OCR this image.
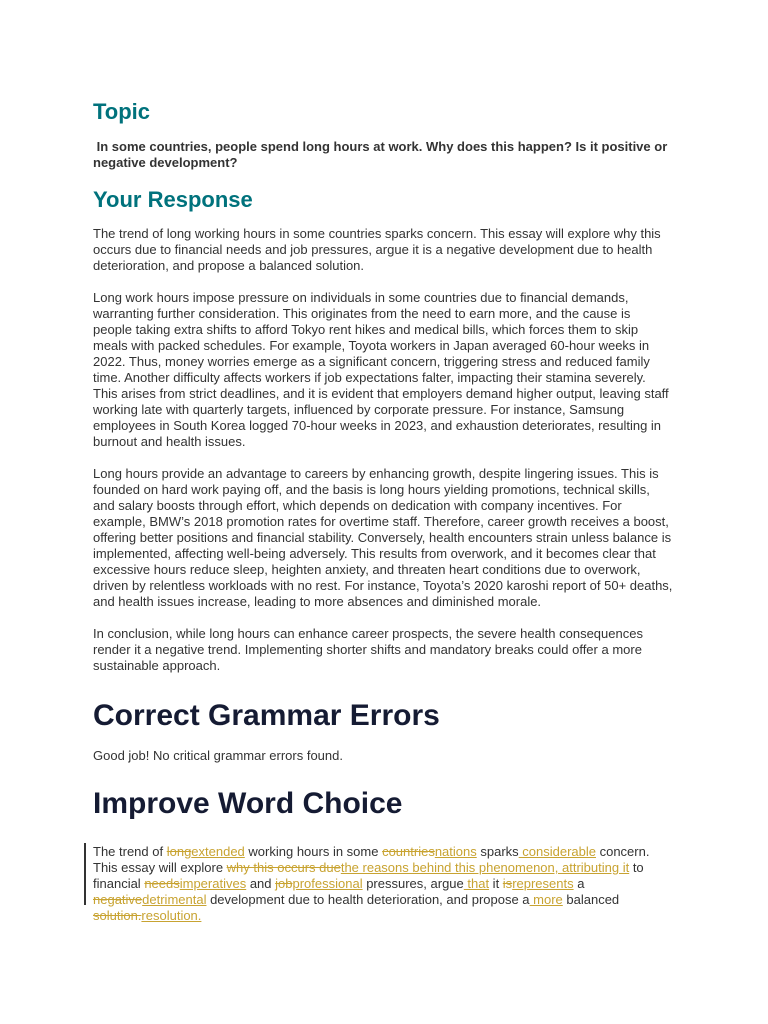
Topic

In some countries, people spend long hours at work. Why does this happen? Is it positive or negative development?

Your Response

The trend of long working hours in some countries sparks concern. This essay will explore why this occurs due to financial needs and job pressures, argue it is a negative development due to health deterioration, and propose a balanced solution.

Long work hours impose pressure on individuals in some countries due to financial demands, warranting further consideration. This originates from the need to earn more, and the cause is people taking extra shifts to afford Tokyo rent hikes and medical bills, which forces them to skip meals with packed schedules. For example, Toyota workers in Japan averaged 60-hour weeks in 2022. Thus, money worries emerge as a significant concern, triggering stress and reduced family time. Another difficulty affects workers if job expectations falter, impacting their stamina severely. This arises from strict deadlines, and it is evident that employers demand higher output, leaving staff working late with quarterly targets, influenced by corporate pressure. For instance, Samsung employees in South Korea logged 70-hour weeks in 2023, and exhaustion deteriorates, resulting in burnout and health issues.

Long hours provide an advantage to careers by enhancing growth, despite lingering issues. This is founded on hard work paying off, and the basis is long hours yielding promotions, technical skills, and salary boosts through effort, which depends on dedication with company incentives. For example, BMW’s 2018 promotion rates for overtime staff. Therefore, career growth receives a boost, offering better positions and financial stability. Conversely, health encounters strain unless balance is implemented, affecting well-being adversely. This results from overwork, and it becomes clear that excessive hours reduce sleep, heighten anxiety, and threaten heart conditions due to overwork, driven by relentless workloads with no rest. For instance, Toyota’s 2020 karoshi report of 50+ deaths, and health issues increase, leading to more absences and diminished morale.

In conclusion, while long hours can enhance career prospects, the severe health consequences render it a negative trend. Implementing shorter shifts and mandatory breaks could offer a more sustainable approach.

Correct Grammar Errors

Good job! No critical grammar errors found.

Improve Word Choice
The trend of longextended working hours in some countriesnations sparks considerable concern. This essay will explore why this occurs duethe reasons behind this phenomenon, attributing it to financial needsimperatives and jobprofessional pressures, argue that it isrepresents a negativedetrimental development due to health deterioration, and propose a more balanced solution.resolution.
